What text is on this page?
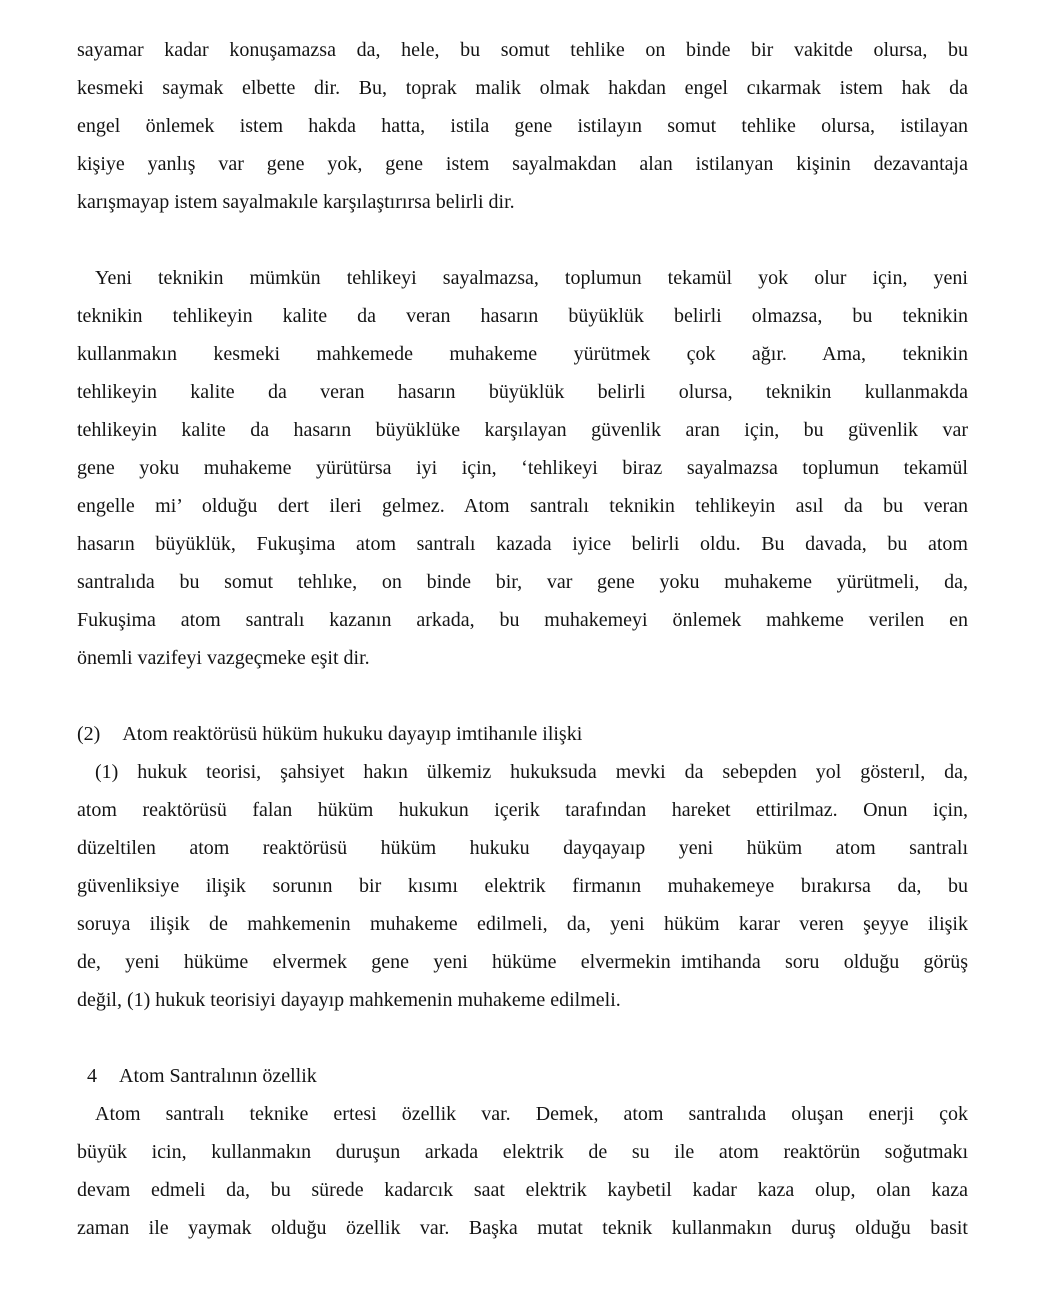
sayamar kadar konuşamazsa da, hele, bu somut tehlike on binde bir vakitde olursa, bu
kesmeki saymak elbette dir. Bu, toprak malik olmak hakdan engel cıkarmak istem hak da
engel önlemek istem hakda hatta, istila gene istilayın somut tehlike olursa, istilayan
kişiye yanlış var gene yok, gene istem sayalmakdan alan istilanyan kişinin dezavantaja
karışmayap istem sayalmakıle karşılaştırırsa belirli dir.
Yeni teknikin mümkün tehlikeyi sayalmazsa, toplumun tekamül yok olur için, yeni
teknikin tehlikeyin kalite da veran hasarın büyüklük belirli olmazsa, bu teknikin
kullanmakın kesmeki mahkemede muhakeme yürütmek çok ağır. Ama, teknikin
tehlikeyin kalite da veran hasarın büyüklük belirli olursa, teknikin kullanmakda
tehlikeyin kalite da hasarın büyüklüke karşılayan güvenlik aran için, bu güvenlik var
gene yoku muhakeme yürütürsa iyi için, ‘tehlikeyi biraz sayalmazsa toplumun tekamül
engelle mi’ olduğu dert ileri gelmez. Atom santralı teknikin tehlikeyin asıl da bu veran
hasarın büyüklük, Fukuşima atom santralı kazada iyice belirli oldu. Bu davada, bu atom
santralıda bu somut tehlıke, on binde bir, var gene yoku muhakeme yürütmeli, da,
Fukuşima atom santralı kazanın arkada, bu muhakemeyi önlemek mahkeme verilen en
önemli vazifeyi vazgeçmeke eşit dir.
(2) Atom reaktörüsü hüküm hukuku dayayıp imtihanıle ilişki
(1) hukuk teorisi, şahsiyet hakın ülkemiz hukuksuda mevki da sebepden yol gösterıl, da,
atom reaktörüsü falan hüküm hukukun içerik tarafından hareket ettirilmaz. Onun için,
düzeltilen atom reaktörüsü hüküm hukuku dayqayaıp yeni hüküm atom santralı
güvenliksiye ilişik sorunın bir kısımı elektrik firmanın muhakemeye bırakırsa da, bu
soruya ilişik de mahkemenin muhakeme edilmeli, da, yeni hüküm karar veren şeyye ilişik
de, yeni hüküme elvermek gene yeni hüküme elvermekin imtihanda soru olduğu görüş
değil, (1) hukuk teorisiyi dayayıp mahkemenin muhakeme edilmeli.
4 Atom Santralının özellik
Atom santralı teknike ertesi özellik var. Demek, atom santralıda oluşan enerji çok
büyük icin, kullanmakın duruşun arkada elektrik de su ile atom reaktörün soğutmakı
devam edmeli da, bu sürede kadarcık saat elektrik kaybetil kadar kaza olup, olan kaza
zaman ile yaymak olduğu özellik var. Başka mutat teknik kullanmakın duruş olduğu basit
